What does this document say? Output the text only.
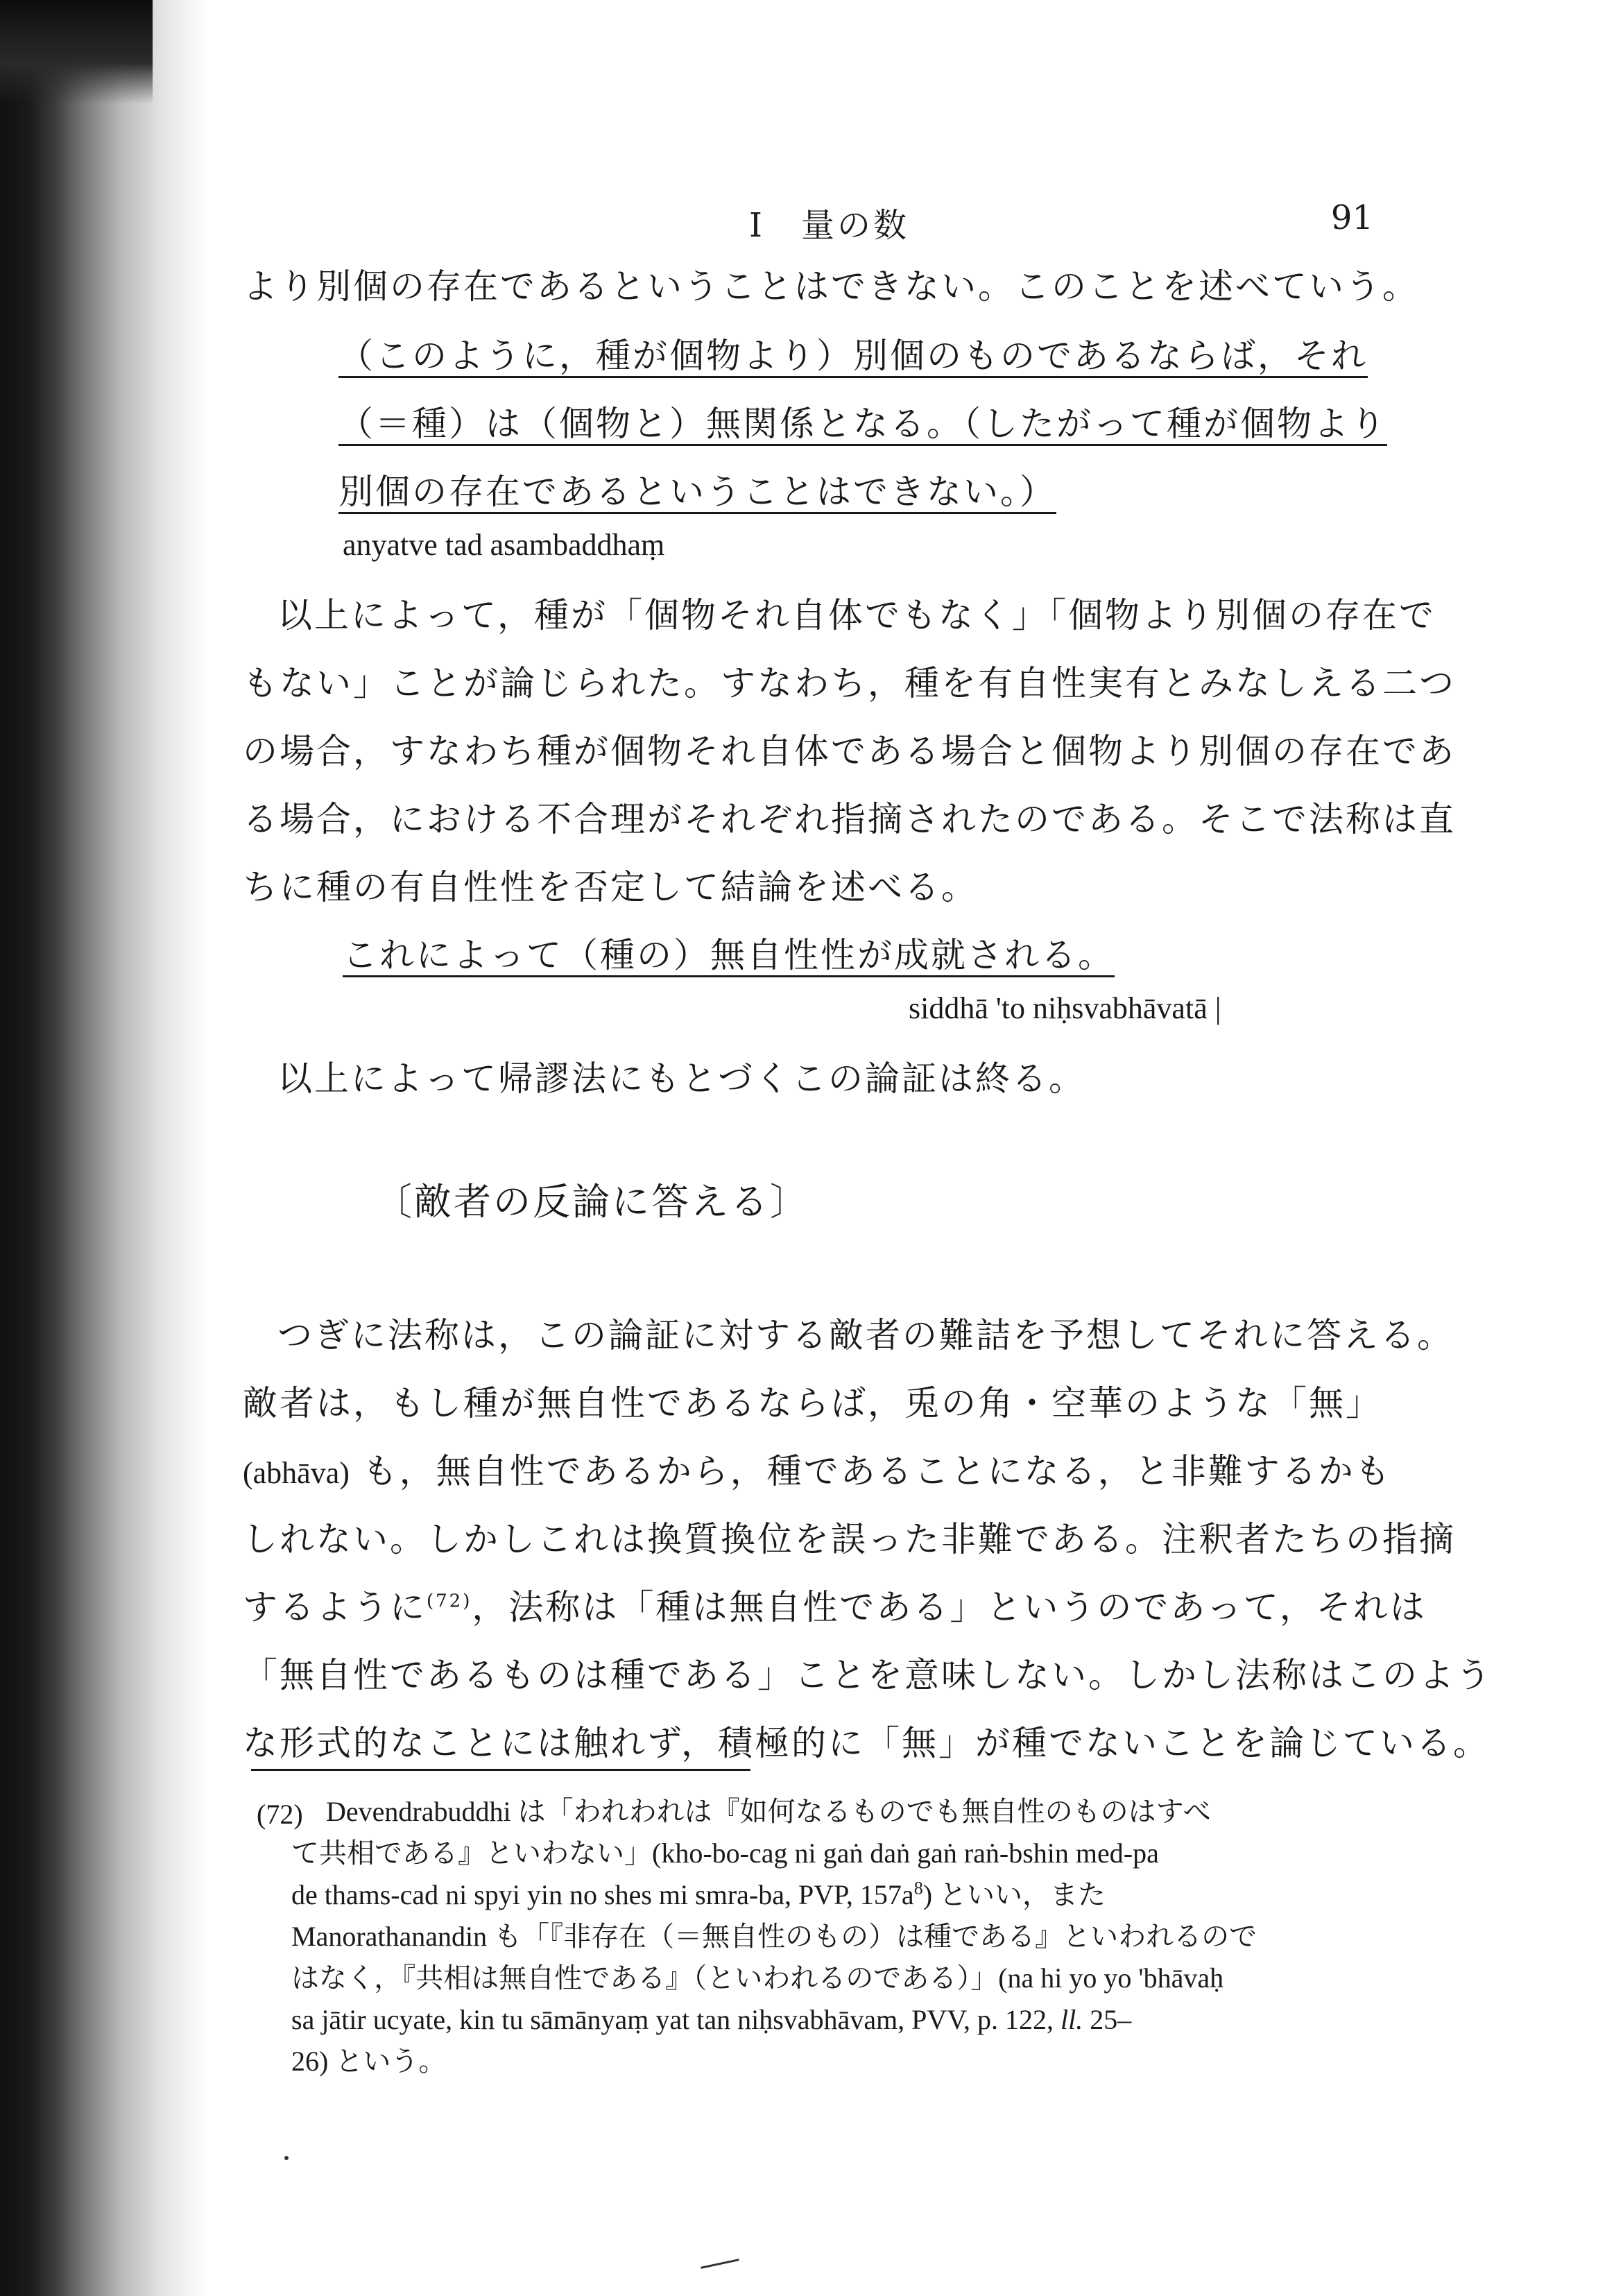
I　量の数	91
より別個の存在であるということはできない。このことを述べていう。
（このように，種が個物より）別個のものであるならば，それ
（＝種）は（個物と）無関係となる。（したがって種が個物より
別個の存在であるということはできない。）
anyatve tad asambaddhaṃ
以上によって，種が「個物それ自体でもなく」「個物より別個の存在で
もない」ことが論じられた。すなわち，種を有自性実有とみなしえる二つ
の場合，すなわち種が個物それ自体である場合と個物より別個の存在であ
る場合，における不合理がそれぞれ指摘されたのである。そこで法称は直
ちに種の有自性性を否定して結論を述べる。
これによって（種の）無自性性が成就される。
siddhā 'to niḥsvabhāvatā |
以上によって帰謬法にもとづくこの論証は終る。
〔敵者の反論に答える〕
つぎに法称は，この論証に対する敵者の難詰を予想してそれに答える。
敵者は，もし種が無自性であるならば，兎の角・空華のような「無」
(abhāva) も，無自性であるから，種であることになる，と非難するかも
しれない。しかしこれは換質換位を誤った非難である。注釈者たちの指摘
するように$^{(72)}$，法称は「種は無自性である」というのであって，それは
「無自性であるものは種である」ことを意味しない。しかし法称はこのよう
な形式的なことには触れず，積極的に「無」が種でないことを論じている。
(72) Devendrabuddhi は「われわれは『如何なるものでも無自性のものはすべ
て共相である』といわない」(kho-bo-cag ni gaṅ daṅ gaṅ raṅ-bshin med-pa
de thams-cad ni spyi yin no shes mi smra-ba, PVP, $157a^8$) といい，また
Manorathanandin も「『非存在（＝無自性のもの）は種である』といわれるので
はなく，『共相は無自性である』（といわれるのである）」(na hi yo yo 'bhāvaḥ
sa jātir ucyate, kin tu sāmānyaṃ yat tan niḥsvabhāvam, PVV, p. 122, ll. 25–
26) という。
